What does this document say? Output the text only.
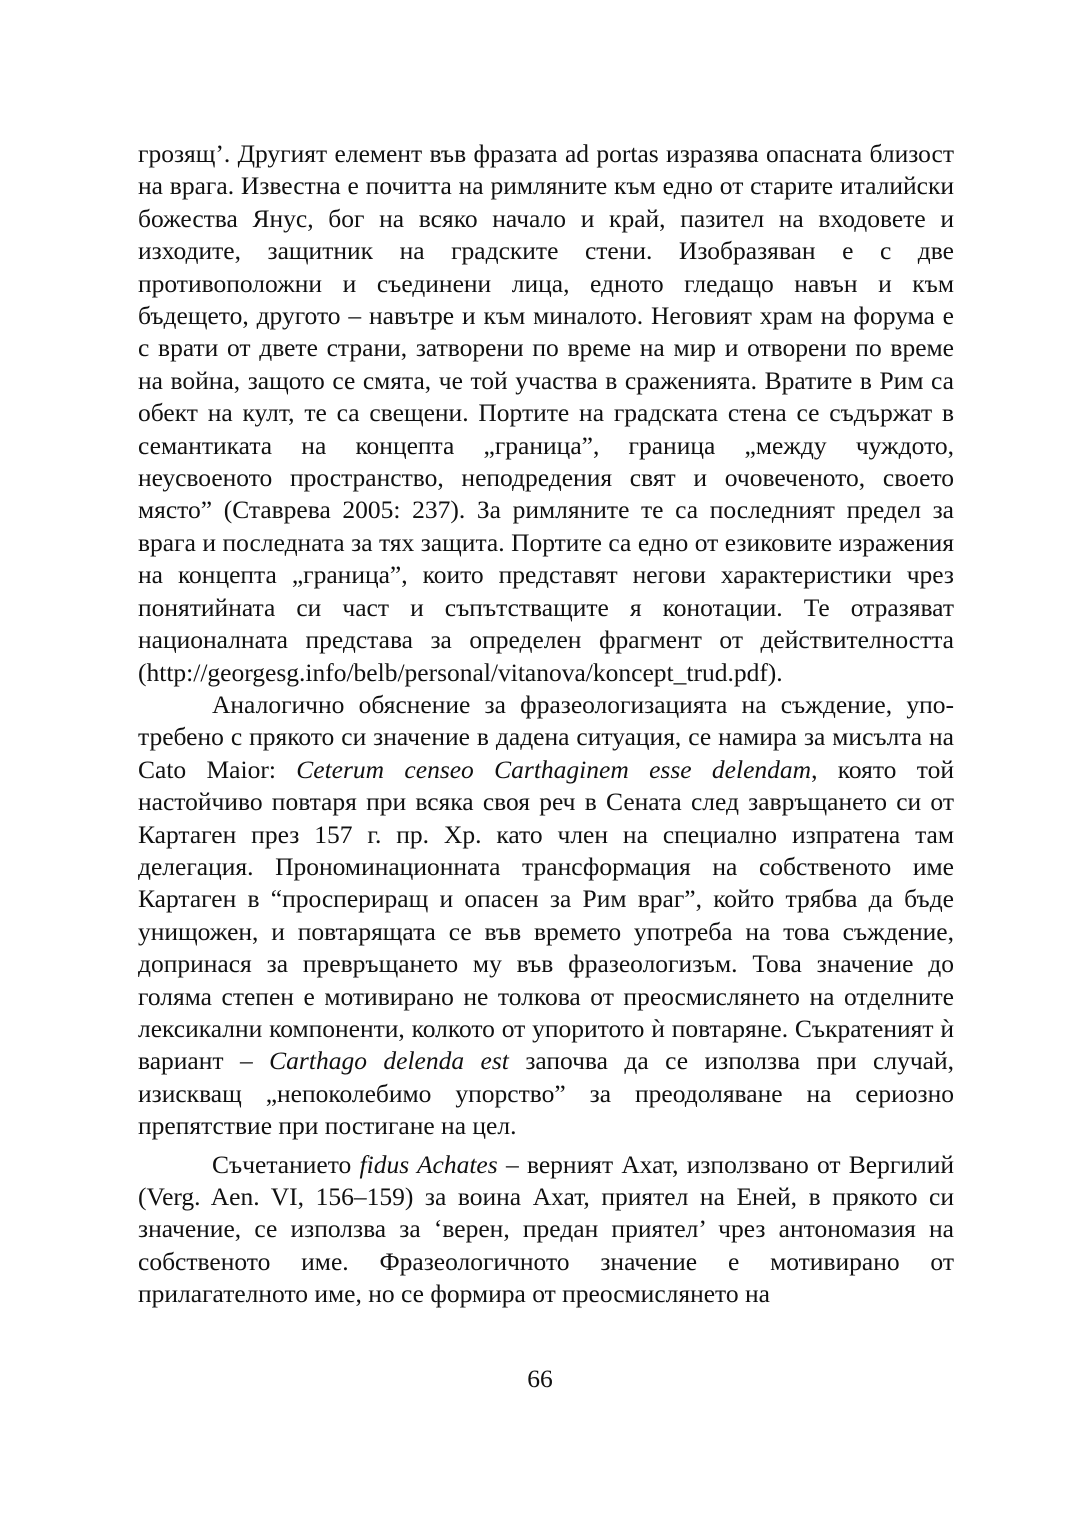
грозящ’. Другият елемент във фразата ad portas изразява опасната близост на врага. Известна е почитта на римляните към едно от старите италийски божества Янус, бог на всяко начало и край, пазител на входовете и изходите, защитник на градските стени. Изобразяван е с две противоположни и съединени лица, едното гледащо навън и към бъдещето, другото – навътре и към миналото. Неговият храм на форума е с врати от двете страни, затворени по време на мир и отворени по време на война, защото се смята, че той участва в сраженията. Вратите в Рим са обект на култ, те са свещени. Портите на градската стена се съдържат в семантиката на концепта „граница”, граница „между чуждото, неусвоеното пространство, неподредения свят и очовеченото, своето място” (Ставрева 2005: 237). За римляните те са последният предел за врага и последната за тях защита. Портите са едно от езиковите изражения на концепта „граница”, които представят негови характеристики чрез понятийната си част и съпътстващите я конотации. Те отразяват националната представа за определен фрагмент от действителността (http://​georgesg.info/belb/personal/vitanova/koncept_trud.pdf).

Аналогично обяснение за фразеологизацията на съждение, употребено с прякото си значение в дадена ситуация, се намира за мисълта на Cato Maior: Ceterum censeo Carthaginem esse delendam, която той настойчиво повтаря при всяка своя реч в Сената след завръщането си от Картаген през 157 г. пр. Хр. като член на специално изпратена там делегация. Прономинационната трансформация на собственото име Картаген в “проспериращ и опасен за Рим враг”, който трябва да бъде унищожен, и повтарящата се във времето употреба на това съждение, допринася за превръщането му във фразеологизъм. Това значение до голяма степен е мотивирано не толкова от преосмислянето на отделните лексикални компоненти, колкото от упоритото ѝ повтаряне. Съкратеният ѝ вариант – Carthago delenda est започва да се използва при случай, изискващ „непоколебимо упорство” за преодоляване на сериозно препятствие при постигане на цел.

Съчетанието fidus Achates – верният Ахат, използвано от Вергилий (Verg. Aen. VI, 156–159) за воина Ахат, приятел на Еней, в прякото си значение, се използва за ‘верен, предан приятел’ чрез антономазия на собственото име. Фразеологичното значение е мотивирано от прилагателното име, но се формира от преосмислянето на

66
